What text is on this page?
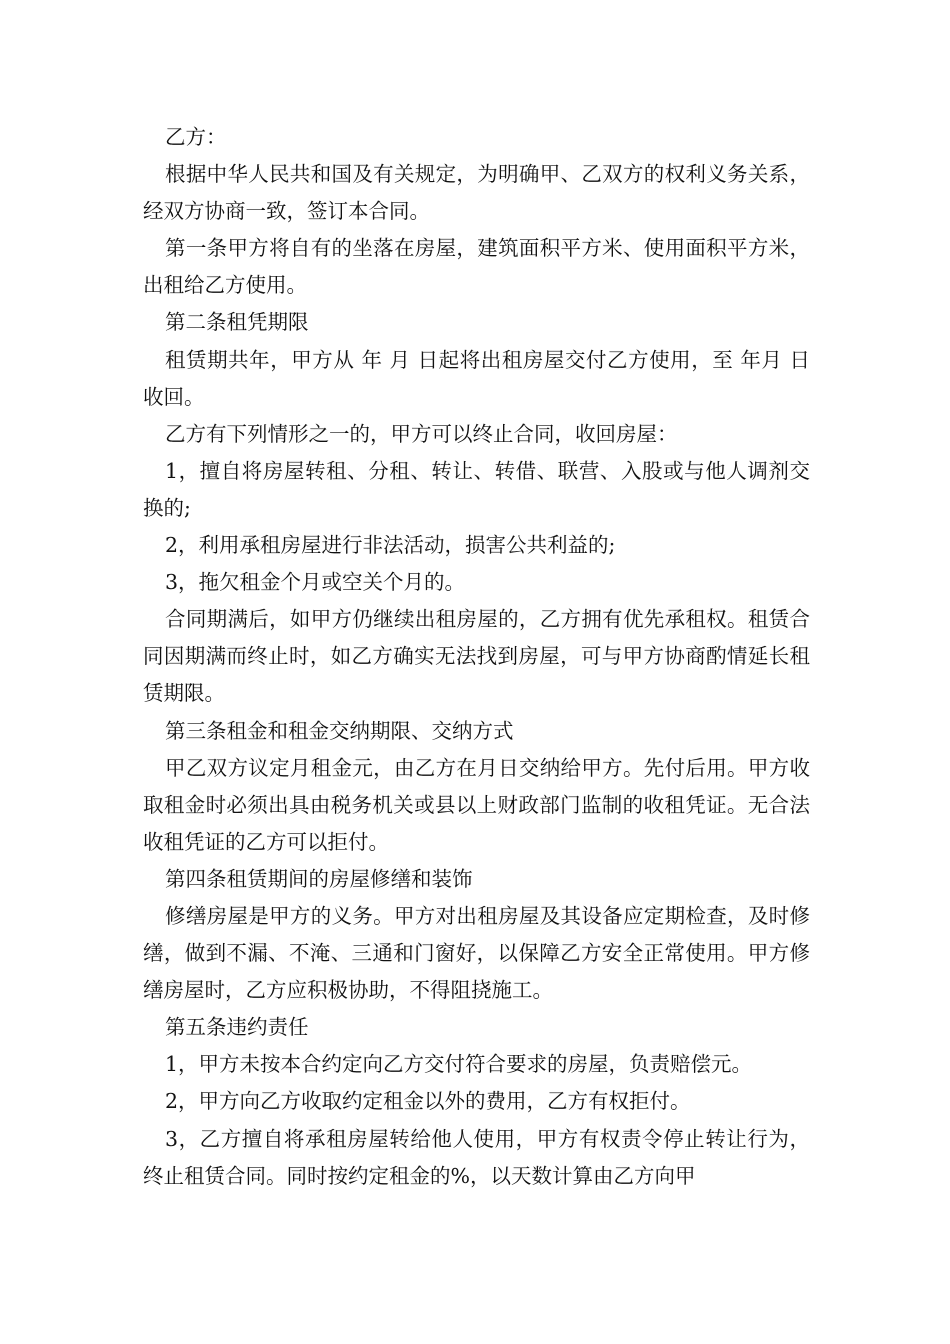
乙方：

根据中华人民共和国及有关规定，为明确甲、乙双方的权利义务关系，经双方协商一致，签订本合同。

第一条甲方将自有的坐落在房屋，建筑面积平方米、使用面积平方米，出租给乙方使用。

第二条租凭期限

租赁期共年，甲方从 年 月 日起将出租房屋交付乙方使用，至 年月 日收回。

乙方有下列情形之一的，甲方可以终止合同，收回房屋：

1，擅自将房屋转租、分租、转让、转借、联营、入股或与他人调剂交换的;

2，利用承租房屋进行非法活动，损害公共利益的;

3，拖欠租金个月或空关个月的。

合同期满后，如甲方仍继续出租房屋的，乙方拥有优先承租权。租赁合同因期满而终止时，如乙方确实无法找到房屋，可与甲方协商酌情延长租赁期限。

第三条租金和租金交纳期限、交纳方式

甲乙双方议定月租金元，由乙方在月日交纳给甲方。先付后用。甲方收取租金时必须出具由税务机关或县以上财政部门监制的收租凭证。无合法收租凭证的乙方可以拒付。

第四条租赁期间的房屋修缮和装饰

修缮房屋是甲方的义务。甲方对出租房屋及其设备应定期检查，及时修缮，做到不漏、不淹、三通和门窗好，以保障乙方安全正常使用。甲方修缮房屋时，乙方应积极协助，不得阻挠施工。

第五条违约责任

1，甲方未按本合约定向乙方交付符合要求的房屋，负责赔偿元。

2，甲方向乙方收取约定租金以外的费用，乙方有权拒付。

3，乙方擅自将承租房屋转给他人使用，甲方有权责令停止转让行为，终止租赁合同。同时按约定租金的%，以天数计算由乙方向甲
